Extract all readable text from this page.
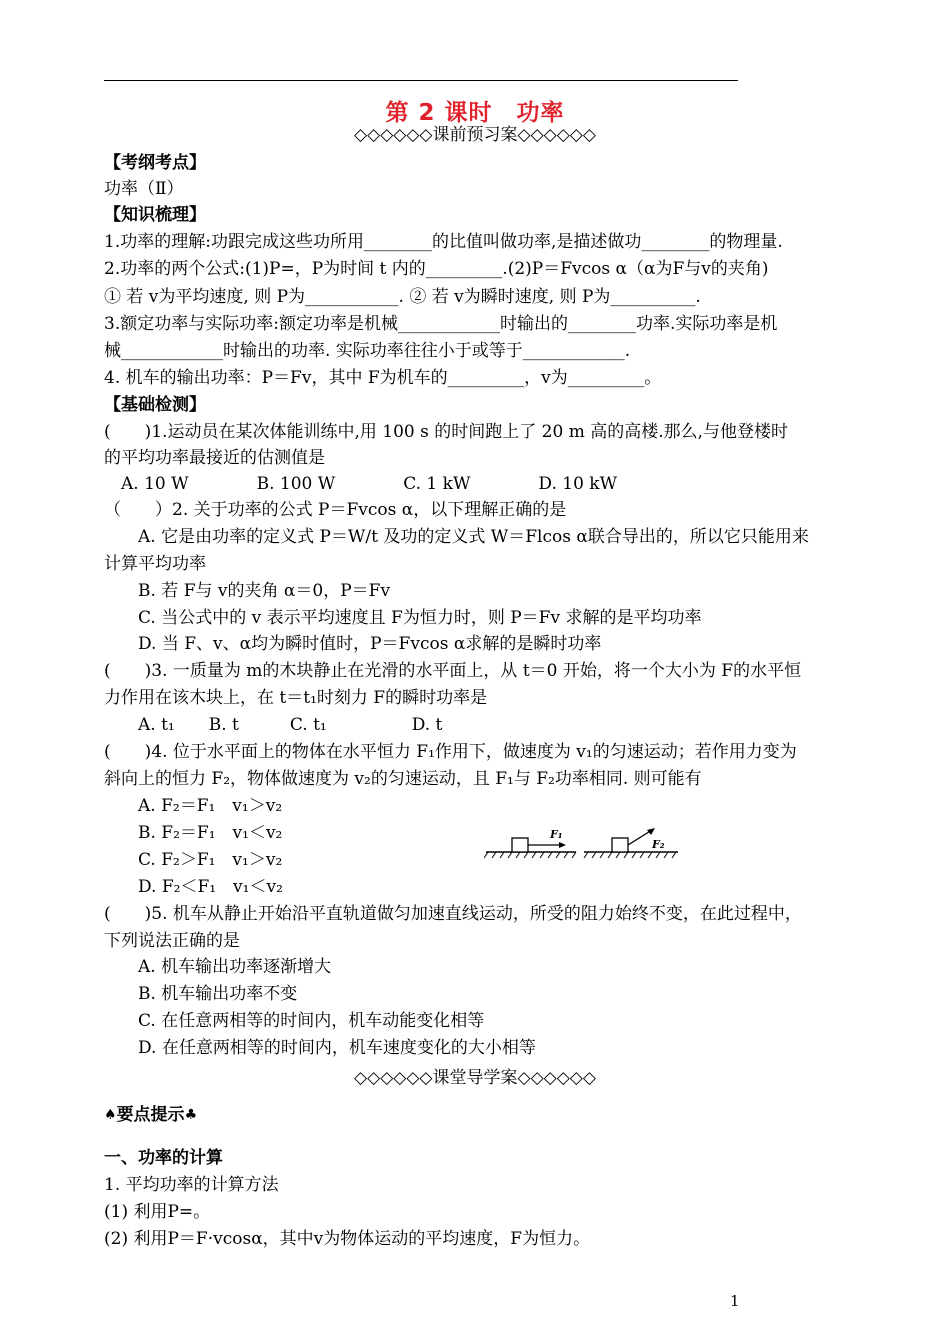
第 2 课时　功率
◇◇◇◇◇◇课前预习案◇◇◇◇◇◇
【考纲考点】
功率（Ⅱ）
【知识梳理】
1.功率的理解:功跟完成这些功所用________的比值叫做功率,是描述做功________的物理量.
2.功率的两个公式:(1)P=，P为时间 t 内的_________.(2)P＝Fvcos α（α为F与v的夹角)
① 若 v为平均速度, 则 P为___________. ② 若 v为瞬时速度, 则 P为__________.
3.额定功率与实际功率:额定功率是机械____________时输出的________功率.实际功率是机
械____________时输出的功率. 实际功率往往小于或等于____________.
4. 机车的输出功率：P＝Fv，其中 F为机车的_________，v为_________。
【基础检测】
(　　)1.运动员在某次体能训练中,用 100 s 的时间跑上了 20 m 高的高楼.那么,与他登楼时
的平均功率最接近的估测值是
　A. 10 W　　　　B. 100 W　　　　C. 1 kW　　　　D. 10 kW
（　　）2. 关于功率的公式 P＝Fvcos α，以下理解正确的是
　　A. 它是由功率的定义式 P＝W/t 及功的定义式 W＝Flcos α联合导出的，所以它只能用来
计算平均功率
　　B. 若 F与 v的夹角 α＝0，P＝Fv
　　C. 当公式中的 v 表示平均速度且 F为恒力时，则 P＝Fv 求解的是平均功率
　　D. 当 F、v、α均为瞬时值时，P＝Fvcos α求解的是瞬时功率
(　　)3. 一质量为 m的木块静止在光滑的水平面上，从 t＝0 开始，将一个大小为 F的水平恒
力作用在该木块上，在 t＝t₁时刻力 F的瞬时功率是
　　A. t₁　　B. t　　　C. t₁　　　　　D. t
(　　)4. 位于水平面上的物体在水平恒力 F₁作用下，做速度为 v₁的匀速运动；若作用力变为
斜向上的恒力 F₂，物体做速度为 v₂的匀速运动，且 F₁与 F₂功率相同. 则可能有
　　A. F₂＝F₁　v₁＞v₂
　　B. F₂＝F₁　v₁＜v₂
　　C. F₂＞F₁　v₁＞v₂
　　D. F₂＜F₁　v₁＜v₂
(　　)5. 机车从静止开始沿平直轨道做匀加速直线运动，所受的阻力始终不变，在此过程中，
下列说法正确的是
　　A. 机车输出功率逐渐增大
　　B. 机车输出功率不变
　　C. 在任意两相等的时间内，机车动能变化相等
　　D. 在任意两相等的时间内，机车速度变化的大小相等
F₁
F₂
◇◇◇◇◇◇课堂导学案◇◇◇◇◇◇
♠要点提示♣
一、功率的计算
1. 平均功率的计算方法
(1) 利用P=。
(2) 利用P＝F·vcosα，其中v为物体运动的平均速度，F为恒力。
1
